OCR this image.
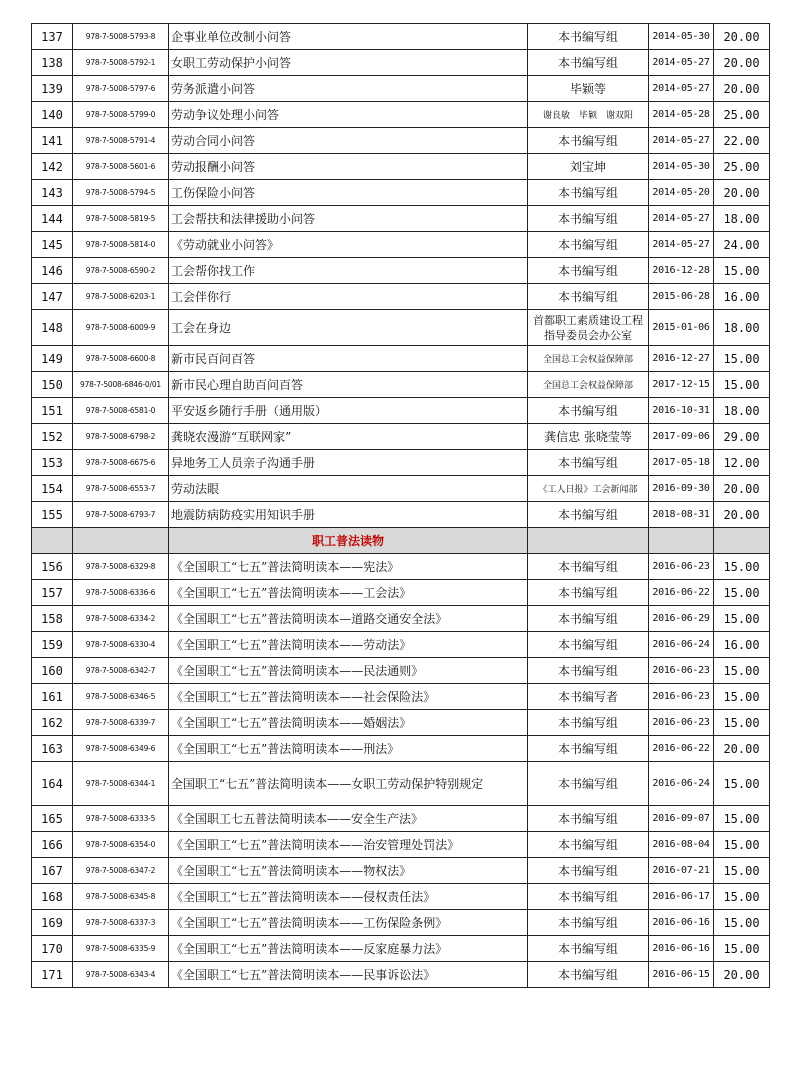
137	978-7-5008-5793-8	企事业单位改制小问答	本书编写组	2014-05-30	20.00
138	978-7-5008-5792-1	女职工劳动保护小问答	本书编写组	2014-05-27	20.00
139	978-7-5008-5797-6	劳务派遣小问答	毕颖等	2014-05-27	20.00
140	978-7-5008-5799-0	劳动争议处理小问答	谢良敏　毕颖　谢双阳	2014-05-28	25.00
141	978-7-5008-5791-4	劳动合同小问答	本书编写组	2014-05-27	22.00
142	978-7-5008-5601-6	劳动报酬小问答	刘宝坤	2014-05-30	25.00
143	978-7-5008-5794-5	工伤保险小问答	本书编写组	2014-05-20	20.00
144	978-7-5008-5819-5	工会帮扶和法律援助小问答	本书编写组	2014-05-27	18.00
145	978-7-5008-5814-0	《劳动就业小问答》	本书编写组	2014-05-27	24.00
146	978-7-5008-6590-2	工会帮你找工作	本书编写组	2016-12-28	15.00
147	978-7-5008-6203-1	工会伴你行	本书编写组	2015-06-28	16.00
148	978-7-5008-6009-9	工会在身边	首都职工素质建设工程指导委员会办公室	2015-01-06	18.00
149	978-7-5008-6600-8	新市民百问百答	全国总工会权益保障部	2016-12-27	15.00
150	978-7-5008-6846-0/01	新市民心理自助百问百答	全国总工会权益保障部	2017-12-15	15.00
151	978-7-5008-6581-0	平安返乡随行手册（通用版）	本书编写组	2016-10-31	18.00
152	978-7-5008-6798-2	龚晓农漫游“互联网家”	龚信忠 张晓莹等	2017-09-06	29.00
153	978-7-5008-6675-6	异地务工人员亲子沟通手册	本书编写组	2017-05-18	12.00
154	978-7-5008-6553-7	劳动法眼	《工人日报》工会新闻部	2016-09-30	20.00
155	978-7-5008-6793-7	地震防病防疫实用知识手册	本书编写组	2018-08-31	20.00
		职工普法读物			
156	978-7-5008-6329-8	《全国职工“七五”普法简明读本——宪法》	本书编写组	2016-06-23	15.00
157	978-7-5008-6336-6	《全国职工“七五”普法简明读本——工会法》	本书编写组	2016-06-22	15.00
158	978-7-5008-6334-2	《全国职工“七五”普法简明读本—道路交通安全法》	本书编写组	2016-06-29	15.00
159	978-7-5008-6330-4	《全国职工“七五”普法简明读本——劳动法》	本书编写组	2016-06-24	16.00
160	978-7-5008-6342-7	《全国职工“七五”普法简明读本——民法通则》	本书编写组	2016-06-23	15.00
161	978-7-5008-6346-5	《全国职工“七五”普法简明读本——社会保险法》	本书编写者	2016-06-23	15.00
162	978-7-5008-6339-7	《全国职工“七五”普法简明读本——婚姻法》	本书编写组	2016-06-23	15.00
163	978-7-5008-6349-6	《全国职工“七五”普法简明读本——刑法》	本书编写组	2016-06-22	20.00
164	978-7-5008-6344-1	全国职工“七五”普法简明读本——女职工劳动保护特别规定	本书编写组	2016-06-24	15.00
165	978-7-5008-6333-5	《全国职工七五普法简明读本——安全生产法》	本书编写组	2016-09-07	15.00
166	978-7-5008-6354-0	《全国职工“七五”普法简明读本——治安管理处罚法》	本书编写组	2016-08-04	15.00
167	978-7-5008-6347-2	《全国职工“七五”普法简明读本——物权法》	本书编写组	2016-07-21	15.00
168	978-7-5008-6345-8	《全国职工“七五”普法简明读本——侵权责任法》	本书编写组	2016-06-17	15.00
169	978-7-5008-6337-3	《全国职工“七五”普法简明读本——工伤保险条例》	本书编写组	2016-06-16	15.00
170	978-7-5008-6335-9	《全国职工“七五”普法简明读本——反家庭暴力法》	本书编写组	2016-06-16	15.00
171	978-7-5008-6343-4	《全国职工“七五”普法简明读本——民事诉讼法》	本书编写组	2016-06-15	20.00
